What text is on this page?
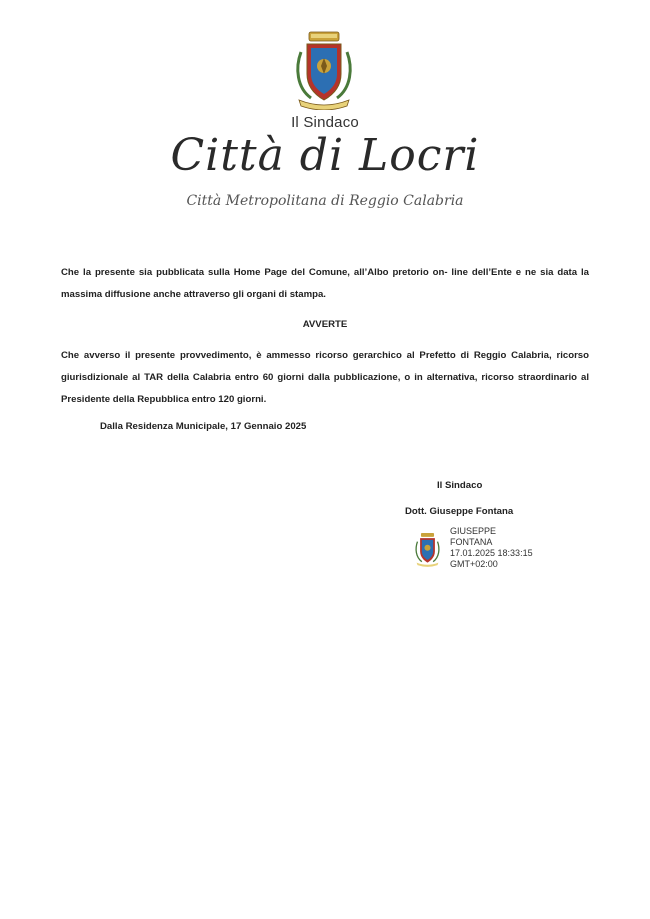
Il Sindaco
Città di Locri
Città Metropolitana di Reggio Calabria
Che la presente sia pubblicata sulla Home Page del Comune, all’Albo pretorio on- line dell’Ente e ne sia data la massima diffusione anche attraverso gli organi di stampa.
AVVERTE
Che avverso il presente provvedimento, è ammesso ricorso gerarchico al Prefetto di Reggio Calabria, ricorso giurisdizionale al TAR della Calabria entro 60 giorni dalla pubblicazione, o in alternativa, ricorso straordinario al Presidente della Repubblica entro 120 giorni.
Dalla Residenza Municipale, 17 Gennaio 2025
Il Sindaco
Dott. Giuseppe Fontana
GIUSEPPE
FONTANA
17.01.2025 18:33:15
GMT+02:00
